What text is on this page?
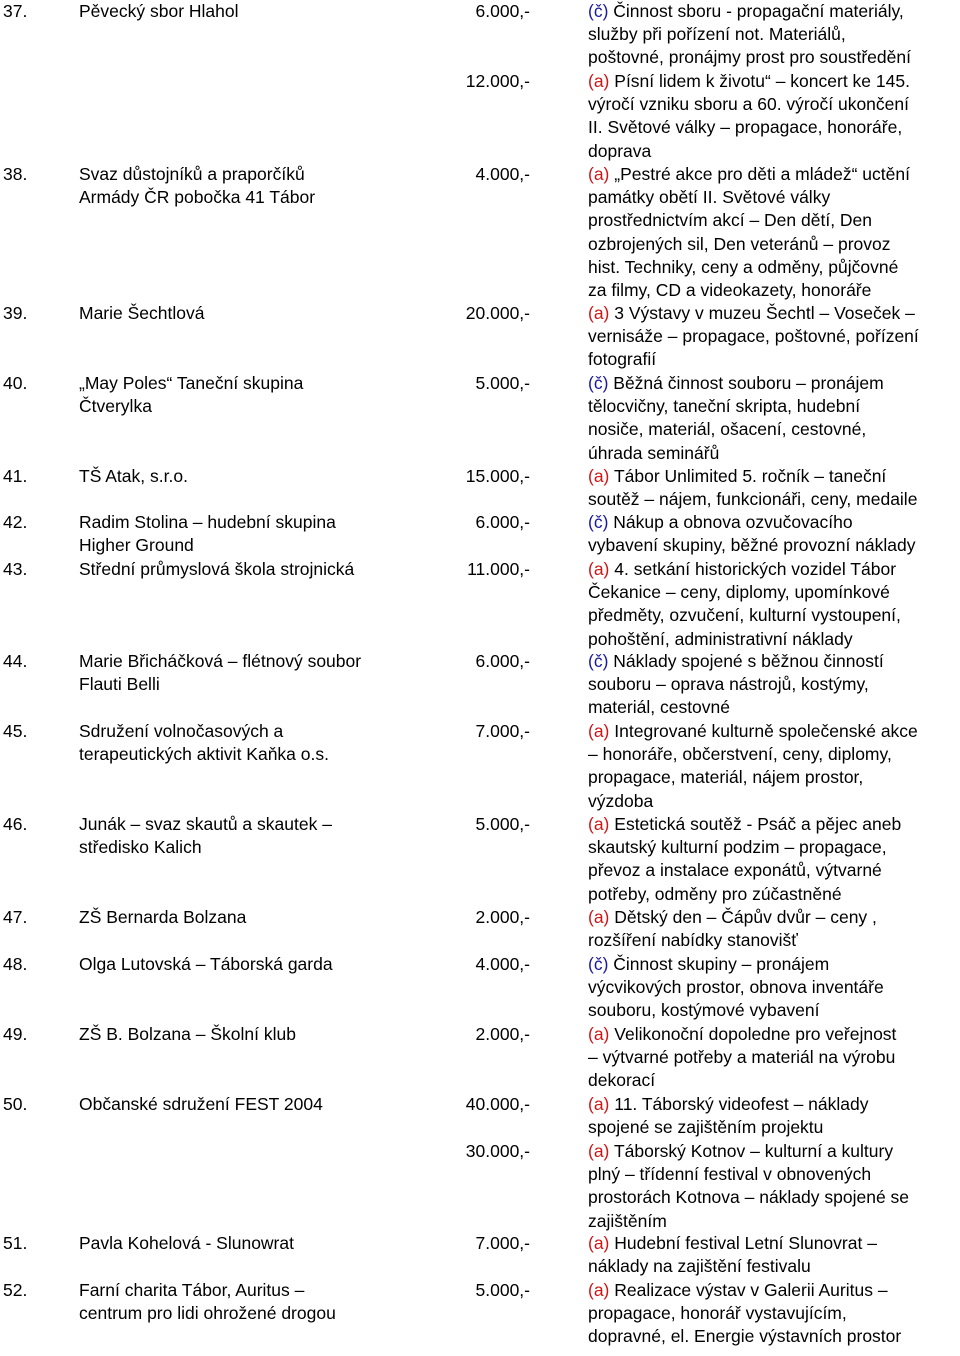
37.	Pěvecký sbor Hlahol	6.000,-	(č) Činnost sboru - propagační materiály,
služby při pořízení not. Materiálů,
poštovné, pronájmy prost pro soustředění
12.000,-	(a) Písní lidem k životu“ – koncert ke 145.
výročí vzniku sboru a 60. výročí ukončení
II. Světové války – propagace, honoráře,
doprava
38.	Svaz důstojníků a praporčíků
Armády ČR pobočka 41 Tábor
4.000,-	(a) „Pestré akce pro děti a mládež“ uctění
památky obětí II. Světové války
prostřednictvím akcí – Den dětí, Den
ozbrojených sil, Den veteránů – provoz
hist. Techniky, ceny a odměny, půjčovné
za filmy, CD a videokazety, honoráře
39.	Marie Šechtlová	20.000,-	(a) 3 Výstavy v muzeu Šechtl – Voseček –
vernisáže – propagace, poštovné, pořízení
fotografií
40.	„May Poles“ Taneční skupina
Čtverylka
5.000,-	(č) Běžná činnost souboru – pronájem
tělocvičny, taneční skripta, hudební
nosiče, materiál, ošacení, cestovné,
úhrada seminářů
41.	TŠ Atak, s.r.o.	15.000,-	(a) Tábor Unlimited 5. ročník – taneční
soutěž – nájem, funkcionáři, ceny, medaile
42.	Radim Stolina – hudební skupina
Higher Ground
6.000,-	(č) Nákup a obnova ozvučovacího
vybavení skupiny, běžné provozní náklady
43.	Střední průmyslová škola strojnická	11.000,-	(a) 4. setkání historických vozidel Tábor
Čekanice – ceny, diplomy, upomínkové
předměty, ozvučení, kulturní vystoupení,
pohoštění, administrativní náklady
44.	Marie Břicháčková – flétnový soubor
Flauti Belli
6.000,-	(č) Náklady spojené s běžnou činností
souboru – oprava nástrojů, kostýmy,
materiál, cestovné
45.	Sdružení volnočasových a
terapeutických aktivit Kaňka o.s.
7.000,-	(a) Integrované kulturně společenské akce
– honoráře, občerstvení, ceny, diplomy,
propagace, materiál, nájem prostor,
výzdoba
46.	Junák – svaz skautů a skautek –
středisko Kalich
5.000,-	(a) Estetická soutěž - Psáč a pějec aneb
skautský kulturní podzim – propagace,
převoz a instalace exponátů, výtvarné
potřeby, odměny pro zúčastněné
47.	ZŠ Bernarda Bolzana	2.000,-	(a) Dětský den – Čápův dvůr – ceny ,
rozšíření nabídky stanovišť
48.	Olga Lutovská – Táborská garda	4.000,-	(č) Činnost skupiny – pronájem
výcvikových prostor, obnova inventáře
souboru, kostýmové vybavení
49.	ZŠ B. Bolzana – Školní klub	2.000,-	(a) Velikonoční dopoledne pro veřejnost
– výtvarné potřeby a materiál na výrobu
dekorací
50.	Občanské sdružení FEST 2004	40.000,-	(a) 11. Táborský videofest – náklady
spojené se zajištěním projektu
30.000,-	(a) Táborský Kotnov – kulturní a kultury
plný – třídenní festival v obnovených
prostorách Kotnova – náklady spojené se
zajištěním
51.	Pavla Kohelová - Slunowrat	7.000,-	(a) Hudební festival Letní Slunovrat –
náklady na zajištění festivalu
52.	Farní charita Tábor, Auritus –
centrum pro lidi ohrožené drogou
5.000,-	(a) Realizace výstav v Galerii Auritus –
propagace, honorář vystavujícím,
dopravné, el. Energie výstavních prostor
